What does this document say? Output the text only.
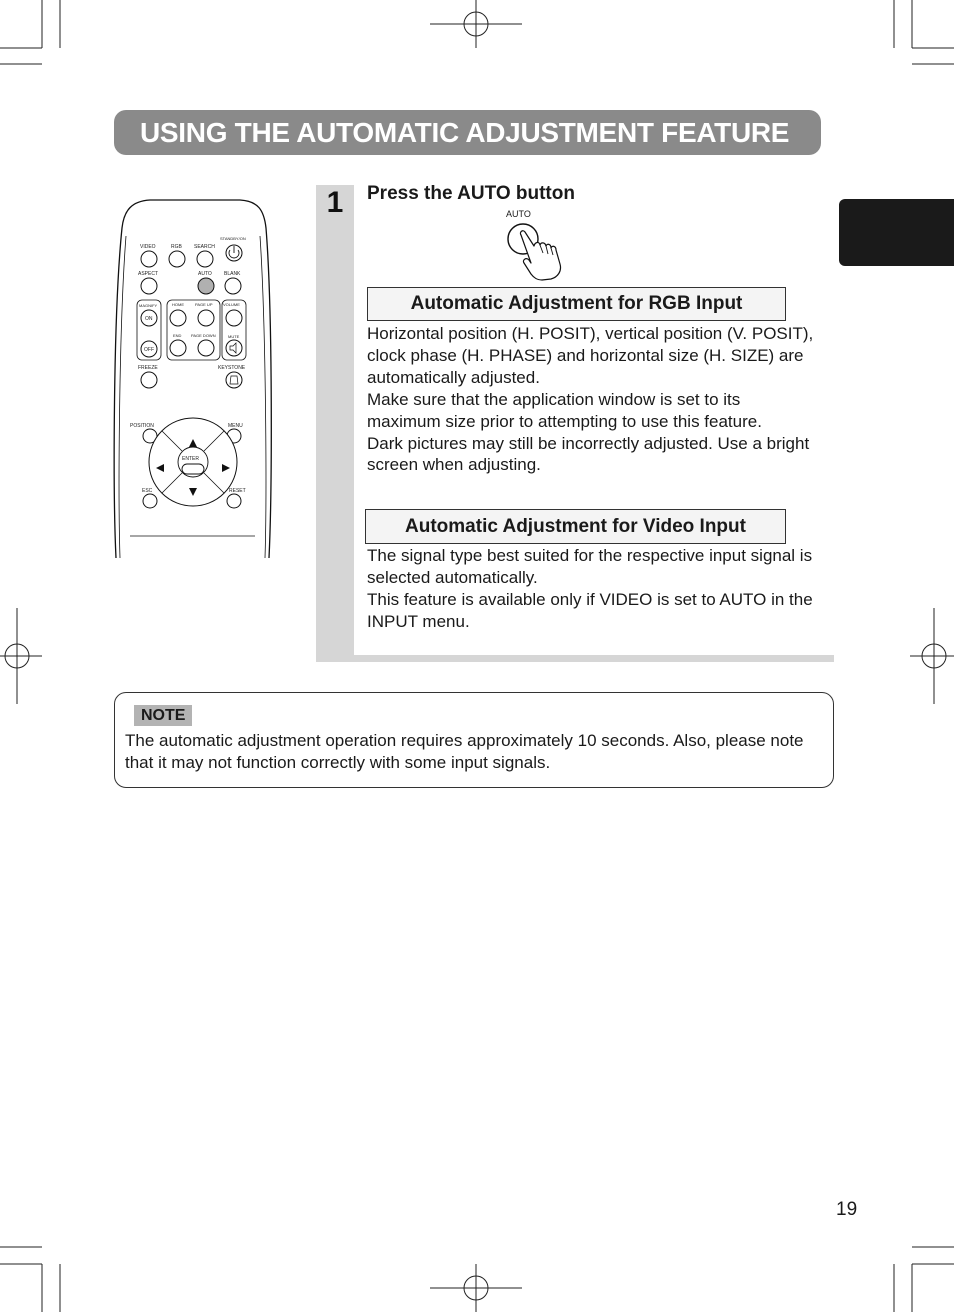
USING THE AUTOMATIC ADJUSTMENT FEATURE
STANDBY/ON
VIDEO	RGB SEARCH
ASPECT	AUTO BLANK
MAGNIFY	HOME	PAGE UP	VOLUME
ON
END PAGE DOWN	MUTE
OFF
FREEZE	KEYSTONE
POSITION	MENU
ENTER
ESC	RESET
1	Press the AUTO button
AUTO
Automatic Adjustment for RGB Input

Horizontal position (H. POSIT), vertical position (V. POSIT), clock phase (H. PHASE) and horizontal size (H. SIZE) are automatically adjusted.

Make sure that the application window is set to its maximum size prior to attempting to use this feature.

Dark pictures may still be incorrectly adjusted. Use a bright screen when adjusting.

Automatic Adjustment for Video Input

The signal type best suited for the respective input signal is selected automatically.

This feature is available only if VIDEO is set to AUTO in the INPUT menu.

NOTE
The automatic adjustment operation requires approximately 10 seconds. Also, please note that it may not function correctly with some input signals.
19
